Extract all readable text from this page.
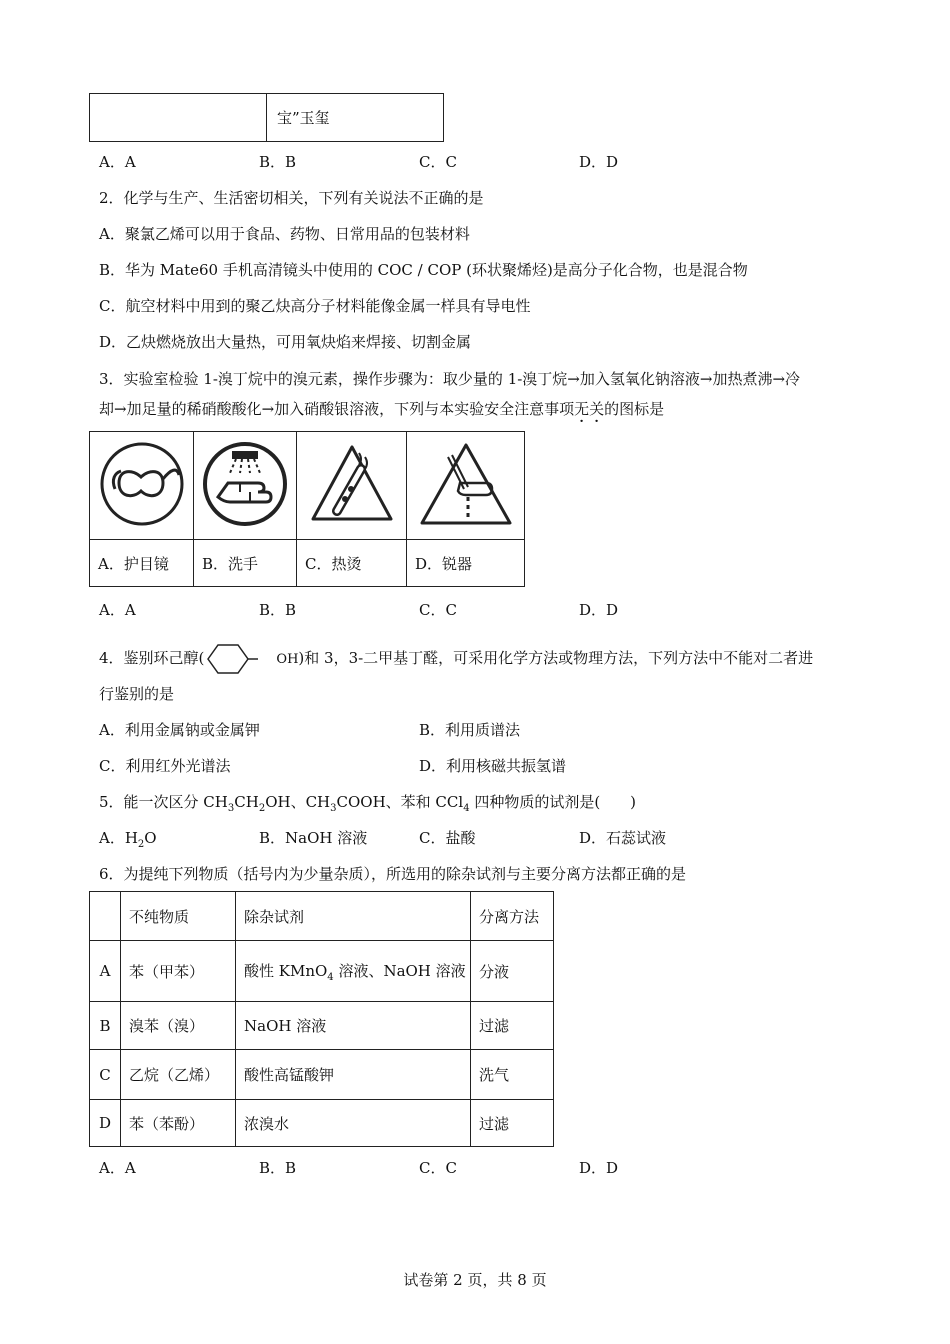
	宝”玉玺
A．A	B．B	C．C	D．D
2．化学与生产、生活密切相关，下列有关说法不正确的是
A．聚氯乙烯可以用于食品、药物、日常用品的包装材料
B．华为 Mate60 手机高清镜头中使用的 COC / COP (环状聚烯烃)是高分子化合物，也是混合物
C．航空材料中用到的聚乙炔高分子材料能像金属一样具有导电性
D．乙炔燃烧放出大量热，可用氧炔焰来焊接、切割金属
3．实验室检验 1-溴丁烷中的溴元素，操作步骤为：取少量的 1-溴丁烷→加入氢氧化钠溶液→加热煮沸→冷
却→加足量的稀硝酸酸化→加入硝酸银溶液，下列与本实验安全注意事项无关的图标是

A．护目镜	B．洗手	C．热烫	D．锐器
A．A	B．B	C．C	D．D
4．鉴别环己醇(	OH)和 3，3-二甲基丁醛，可采用化学方法或物理方法，下列方法中不能对二者进
行鉴别的是
A．利用金属钠或金属钾	B．利用质谱法
C．利用红外光谱法	D．利用核磁共振氢谱
5．能一次区分 $CH_3CH_2OH$、$CH_3COOH$、苯和 CCl$_4$ 四种物质的试剂是(　　)
A．$H_2O$	B．NaOH 溶液	C．盐酸	D．石蕊试液
6．为提纯下列物质（括号内为少量杂质），所选用的除杂试剂与主要分离方法都正确的是
	不纯物质	除杂试剂	分离方法
A	苯（甲苯）	酸性 KMnO$_4$ 溶液、NaOH 溶液	分液
B	溴苯（溴）	NaOH 溶液	过滤
C	乙烷（乙烯）	酸性高锰酸钾	洗气
D	苯（苯酚）	浓溴水	过滤
A．A	B．B	C．C	D．D
试卷第 2 页，共 8 页
